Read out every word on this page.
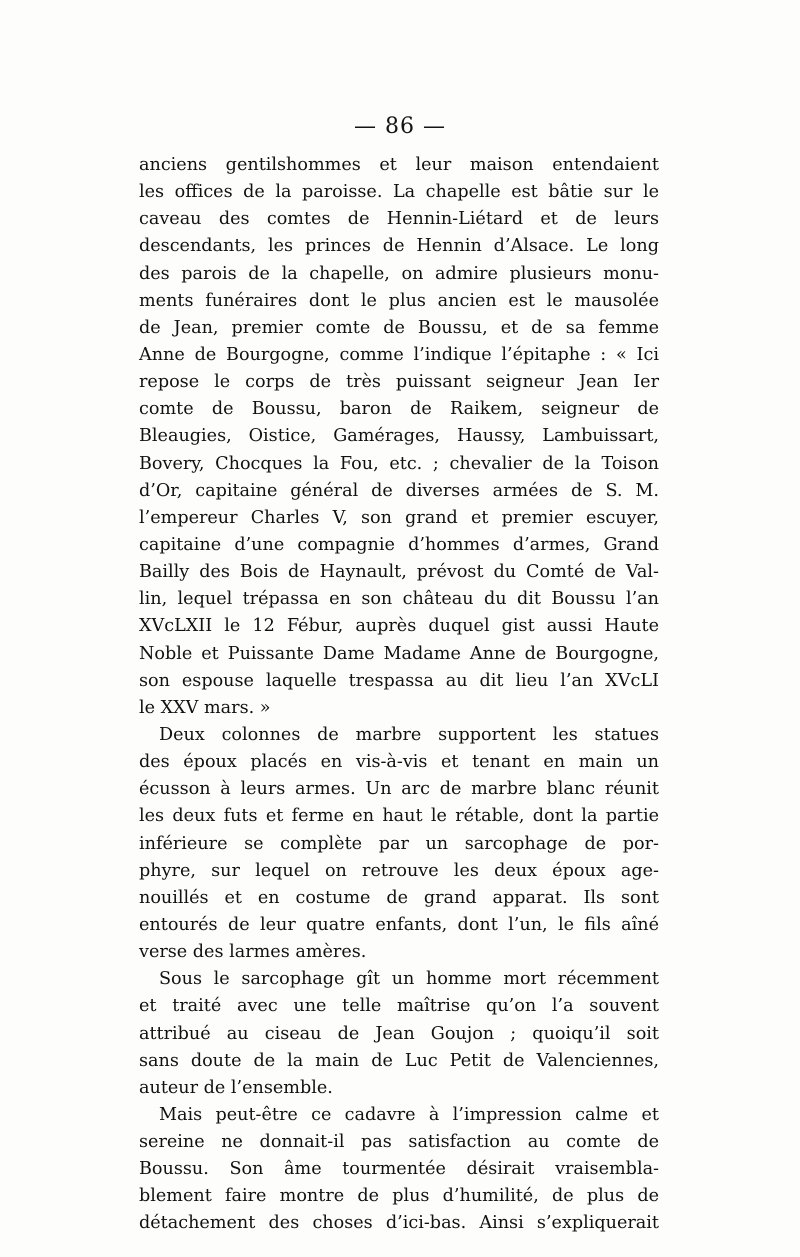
— 86 —
anciens gentilshommes et leur maison entendaient
les offices de la paroisse. La chapelle est bâtie sur le
caveau des comtes de Hennin-Liétard et de leurs
descendants, les princes de Hennin d’Alsace. Le long
des parois de la chapelle, on admire plusieurs monu-
ments funéraires dont le plus ancien est le mausolée
de Jean, premier comte de Boussu, et de sa femme
Anne de Bourgogne, comme l’indique l’épitaphe : « Ici
repose le corps de très puissant seigneur Jean Ier
comte de Boussu, baron de Raikem, seigneur de
Bleaugies, Oistice, Gamérages, Haussy, Lambuissart,
Bovery, Chocques la Fou, etc. ; chevalier de la Toison
d’Or, capitaine général de diverses armées de S. M.
l’empereur Charles V, son grand et premier escuyer,
capitaine d’une compagnie d’hommes d’armes, Grand
Bailly des Bois de Haynault, prévost du Comté de Val-
lin, lequel trépassa en son château du dit Boussu l’an
XVcLXII le 12 Fébur, auprès duquel gist aussi Haute
Noble et Puissante Dame Madame Anne de Bourgogne,
son espouse laquelle trespassa au dit lieu l’an XVcLI
le XXV mars. »
Deux colonnes de marbre supportent les statues
des époux placés en vis-à-vis et tenant en main un
écusson à leurs armes. Un arc de marbre blanc réunit
les deux futs et ferme en haut le rétable, dont la partie
inférieure se complète par un sarcophage de por-
phyre, sur lequel on retrouve les deux époux age-
nouillés et en costume de grand apparat. Ils sont
entourés de leur quatre enfants, dont l’un, le fils aîné
verse des larmes amères.
Sous le sarcophage gît un homme mort récemment
et traité avec une telle maîtrise qu’on l’a souvent
attribué au ciseau de Jean Goujon ; quoiqu’il soit
sans doute de la main de Luc Petit de Valenciennes,
auteur de l’ensemble.
Mais peut-être ce cadavre à l’impression calme et
sereine ne donnait-il pas satisfaction au comte de
Boussu. Son âme tourmentée désirait vraisembla-
blement faire montre de plus d’humilité, de plus de
détachement des choses d’ici-bas. Ainsi s’expliquerait
